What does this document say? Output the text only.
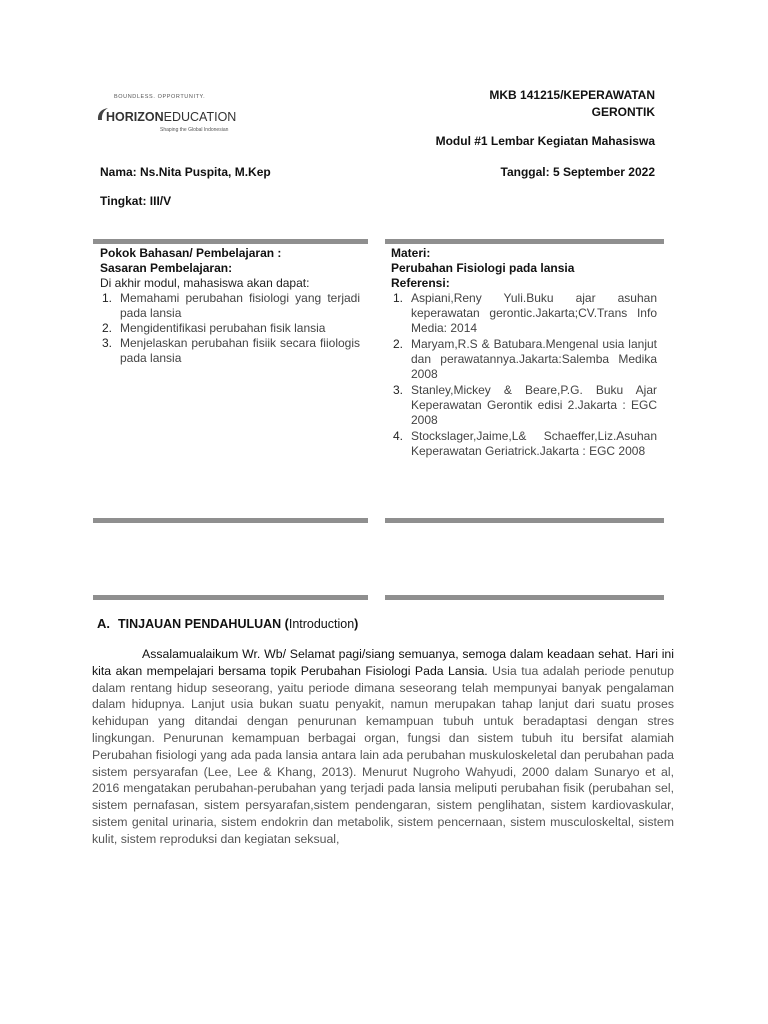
BOUNDLESS. OPPORTUNITY.
HORIZONEDUCATION
Shaping the Global Indonesian
MKB 141215/KEPERAWATAN
GERONTIK
Modul #1 Lembar Kegiatan Mahasiswa
Nama: Ns.Nita Puspita, M.Kep	Tanggal: 5 September 2022
Tingkat: III/V
Pokok Bahasan/ Pembelajaran :
Sasaran Pembelajaran:
Di akhir modul, mahasiswa akan dapat:
1. Memahami perubahan fisiologi yang terjadi pada lansia
2. Mengidentifikasi perubahan fisik lansia
3. Menjelaskan perubahan fisiik secara fiiologis pada lansia
Materi:
Perubahan Fisiologi pada lansia
Referensi:
1. Aspiani,Reny Yuli.Buku ajar asuhan keperawatan gerontic.Jakarta;CV.Trans Info Media: 2014
2. Maryam,R.S & Batubara.Mengenal usia lanjut dan perawatannya.Jakarta:Salemba Medika 2008
3. Stanley,Mickey & Beare,P.G. Buku Ajar Keperawatan Gerontik edisi 2.Jakarta : EGC 2008
4. Stockslager,Jaime,L& Schaeffer,Liz.Asuhan Keperawatan Geriatrick.Jakarta : EGC 2008
A. TINJAUAN PENDAHULUAN (Introduction)

Assalamualaikum Wr. Wb/ Selamat pagi/siang semuanya, semoga dalam keadaan sehat. Hari ini kita akan mempelajari bersama topik Perubahan Fisiologi Pada Lansia. Usia tua adalah periode penutup dalam rentang hidup seseorang, yaitu periode dimana seseorang telah mempunyai banyak pengalaman dalam hidupnya. Lanjut usia bukan suatu penyakit, namun merupakan tahap lanjut dari suatu proses kehidupan yang ditandai dengan penurunan kemampuan tubuh untuk beradaptasi dengan stres lingkungan. Penurunan kemampuan berbagai organ, fungsi dan sistem tubuh itu bersifat alamiah Perubahan fisiologi yang ada pada lansia antara lain ada perubahan muskuloskeletal dan perubahan pada sistem persyarafan (Lee, Lee & Khang, 2013). Menurut Nugroho Wahyudi, 2000 dalam Sunaryo et al, 2016 mengatakan perubahan-perubahan yang terjadi pada lansia meliputi perubahan fisik (perubahan sel, sistem pernafasan, sistem persyarafan,sistem pendengaran, sistem penglihatan, sistem kardiovaskular, sistem genital urinaria, sistem endokrin dan metabolik, sistem pencernaan, sistem musculoskeltal, sistem kulit, sistem reproduksi dan kegiatan seksual,
